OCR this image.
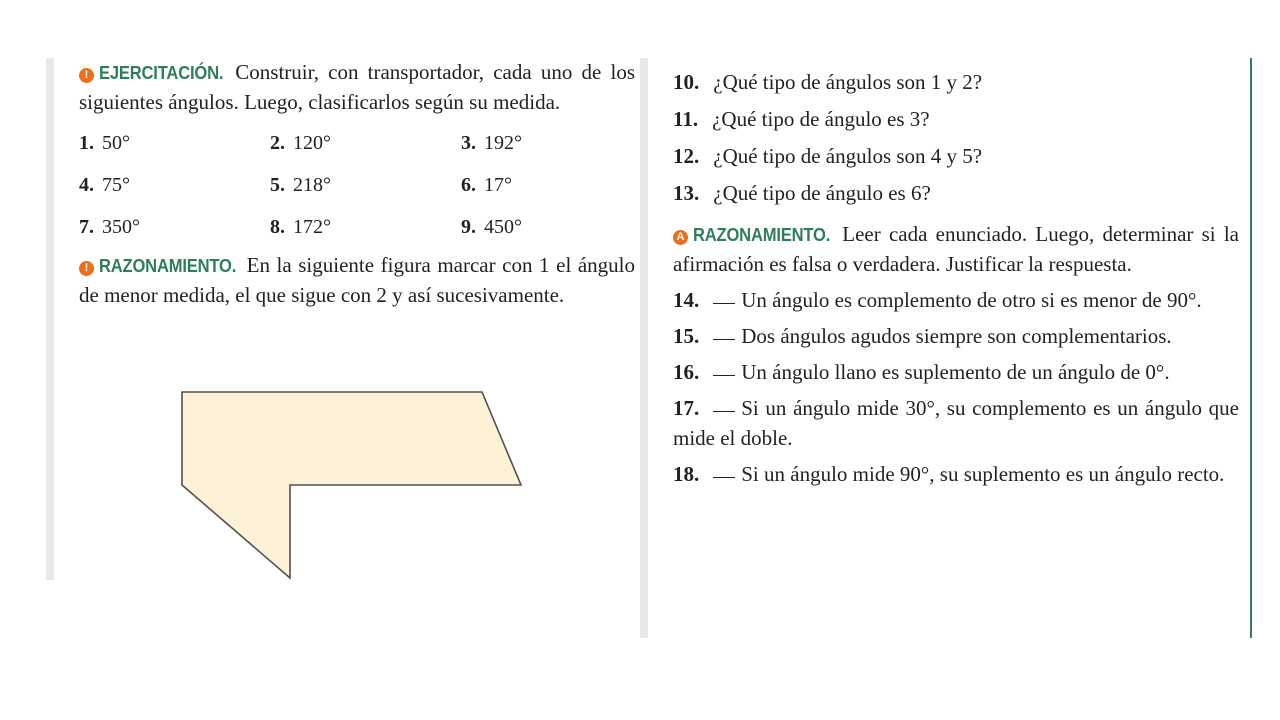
! EJERCITACIÓN. Construir, con transportador, cada uno de los siguientes ángulos. Luego, clasificarlos según su medida.

1. 50°	2. 120°	3. 192°
4. 75°	5. 218°	6. 17°
7. 350°	8. 172°	9. 450°

! RAZONAMIENTO. En la siguiente figura marcar con 1 el ángulo de menor medida, el que sigue con 2 y así sucesivamente.

10. ¿Qué tipo de ángulos son 1 y 2?

11. ¿Qué tipo de ángulo es 3?

12. ¿Qué tipo de ángulos son 4 y 5?

13. ¿Qué tipo de ángulo es 6?

A RAZONAMIENTO. Leer cada enunciado. Luego, determinar si la afirmación es falsa o verdadera. Justificar la respuesta.

14. Un ángulo es complemento de otro si es menor de 90°.

15. Dos ángulos agudos siempre son complementarios.

16. Un ángulo llano es suplemento de un ángulo de 0°.

17. Si un ángulo mide 30°, su complemento es un ángulo que mide el doble.

18. Si un ángulo mide 90°, su suplemento es un ángulo recto.
